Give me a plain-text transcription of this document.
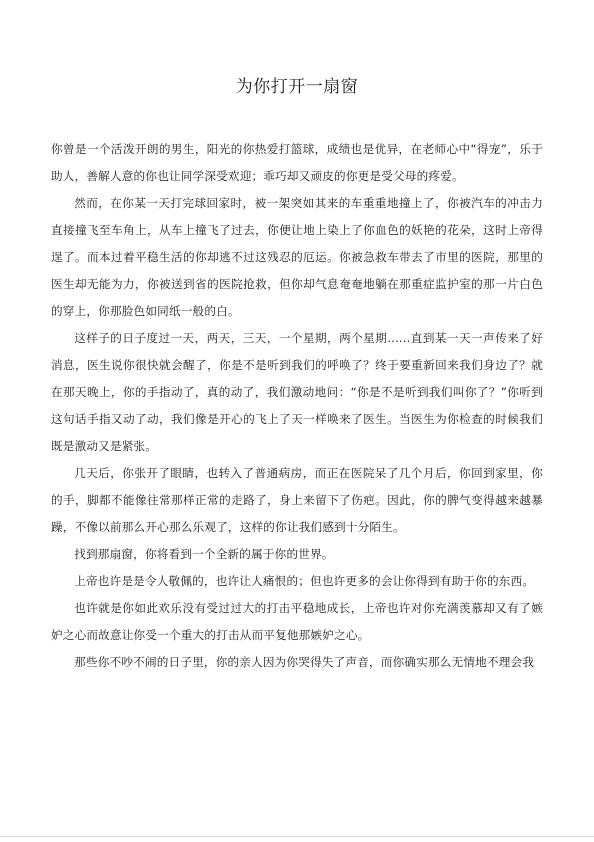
为你打开一扇窗

你曾是一个活泼开朗的男生，阳光的你热爱打篮球，成绩也是优异，在老师心中“得宠”，乐于助人，善解人意的你也让同学深受欢迎；乖巧却又顽皮的你更是受父母的疼爱。

然而，在你某一天打完球回家时，被一架突如其来的车重重地撞上了，你被汽车的冲击力直接撞飞至车角上，从车上撞飞了过去，你便让地上染上了你血色的妖艳的花朵，这时上帝得逞了。而本过着平稳生活的你却逃不过这残忍的厄运。你被急救车带去了市里的医院，那里的医生却无能为力，你被送到省的医院抢救，但你却气息奄奄地躺在那重症监护室的那一片白色的穿上，你那脸色如同纸一般的白。

这样子的日子度过一天，两天，三天，一个星期，两个星期......直到某一天一声传来了好消息，医生说你很快就会醒了，你是不是听到我们的呼唤了？终于要重新回来我们身边了？就在那天晚上，你的手指动了，真的动了，我们激动地问：“你是不是听到我们叫你了？”你听到这句话手指又动了动，我们像是开心的飞上了天一样唤来了医生。当医生为你检查的时候我们既是激动又是紧张。

几天后，你张开了眼睛，也转入了普通病房，而正在医院呆了几个月后，你回到家里，你的手，脚都不能像往常那样正常的走路了，身上来留下了伤疤。因此，你的脾气变得越来越暴躁，不像以前那么开心那么乐观了，这样的你让我们感到十分陌生。

找到那扇窗，你将看到一个全新的属于你的世界。

上帝也许是是令人敬佩的，也许让人痛恨的；但也许更多的会让你得到有助于你的东西。

也许就是你如此欢乐没有受过过大的打击平稳地成长，上帝也许对你充满羡慕却又有了嫉妒之心而故意让你受一个重大的打击从而平复他那嫉妒之心。

那些你不吵不闹的日子里，你的亲人因为你哭得失了声音，而你确实那么无情地不理会我
